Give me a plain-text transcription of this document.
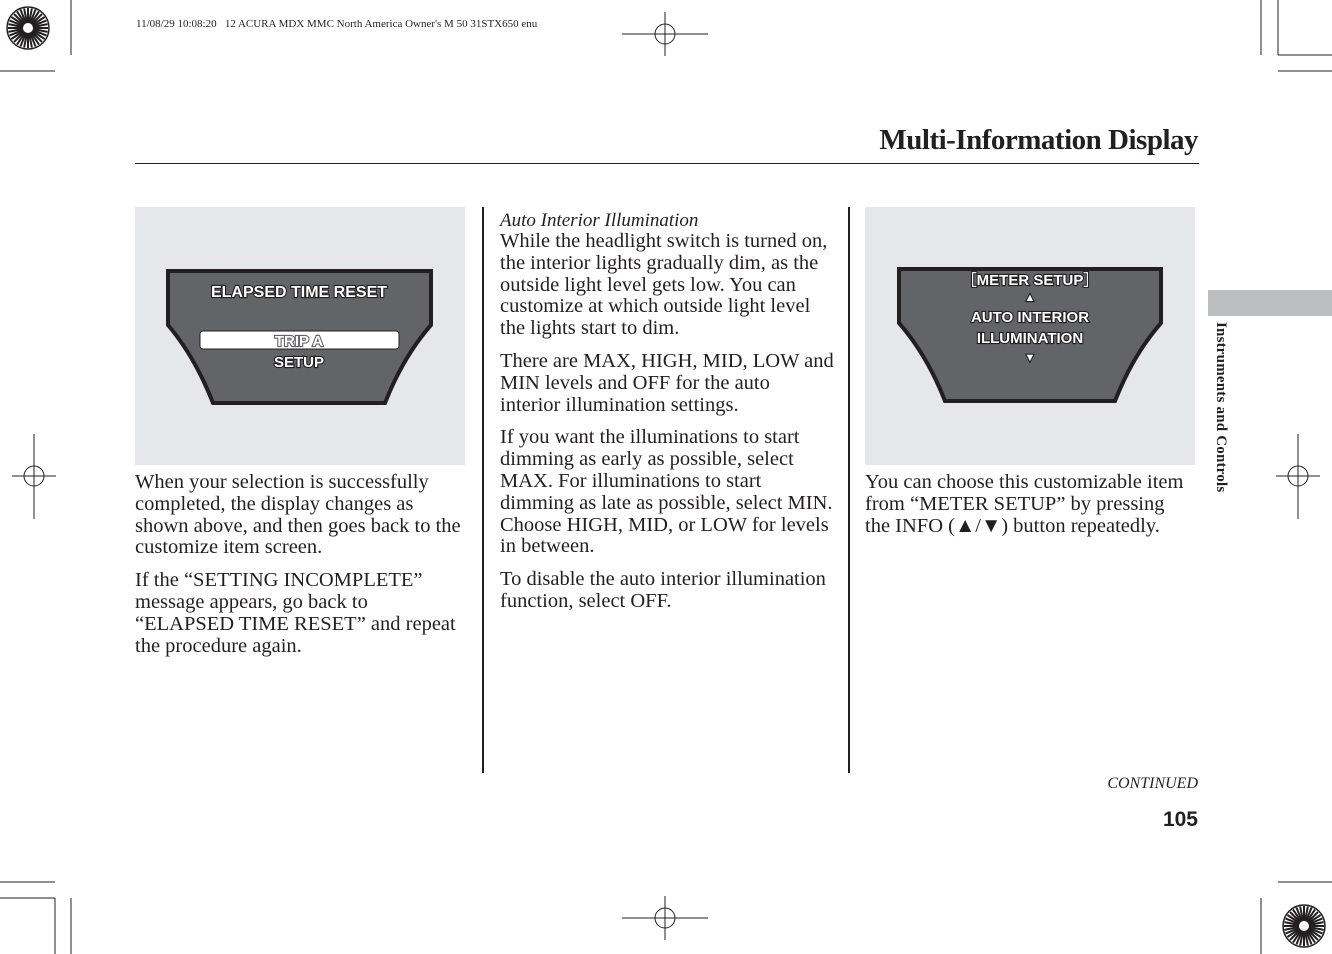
11/08/29 10:08:20   12 ACURA MDX MMC North America Owner's M 50 31STX650 enu
Multi-Information Display
ELAPSED TIME RESET
TRIP A
SETUP

When your selection is successfully completed, the display changes as shown above, and then goes back to the customize item screen.

If the “SETTING INCOMPLETE” message appears, go back to “ELAPSED TIME RESET” and repeat the procedure again.

Auto Interior Illumination

While the headlight switch is turned on, the interior lights gradually dim, as the outside light level gets low. You can customize at which outside light level the lights start to dim.

There are MAX, HIGH, MID, LOW and MIN levels and OFF for the auto interior illumination settings.

If you want the illuminations to start dimming as early as possible, select MAX. For illuminations to start dimming as late as possible, select MIN. Choose HIGH, MID, or LOW for levels in between.

To disable the auto interior illumination function, select OFF.

［METER SETUP］
▲
AUTO INTERIOR
ILLUMINATION
▼

You can choose this customizable item from “METER SETUP” by pressing the INFO (▲/▼) button repeatedly.

Instruments and Controls
CONTINUED
105
